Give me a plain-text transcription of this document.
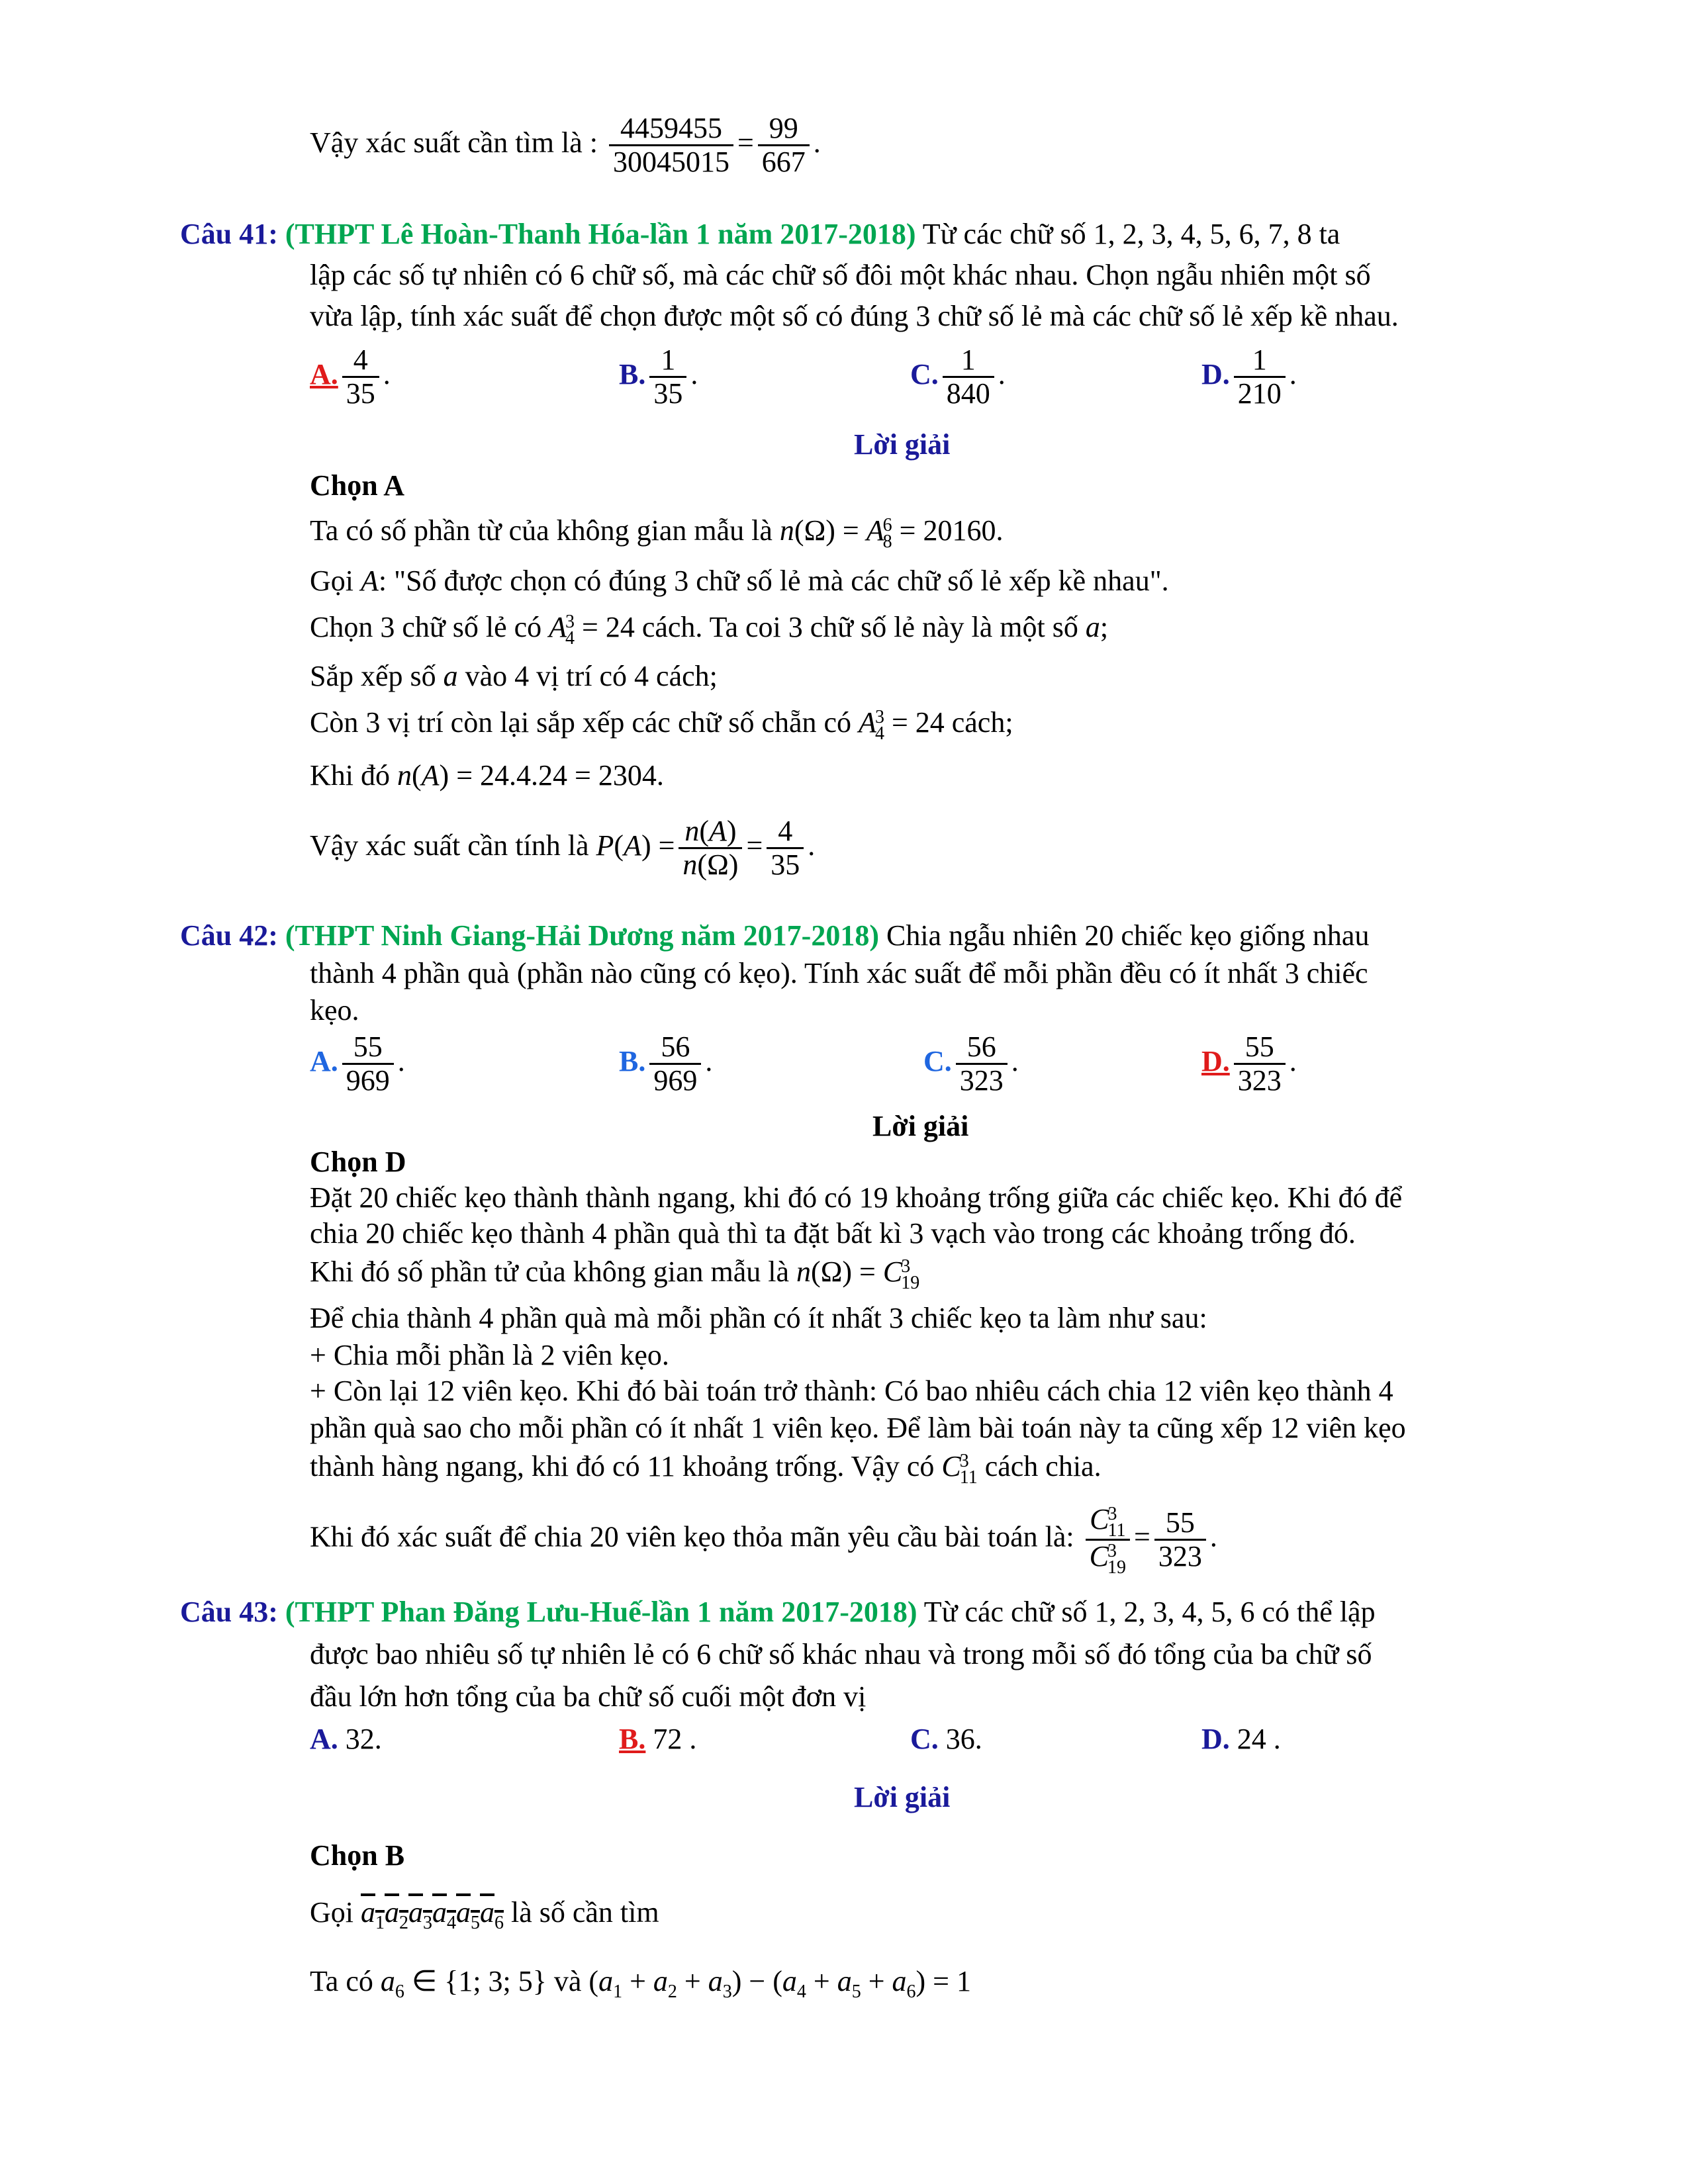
Vậy xác suất cần tìm là : $\frac{4459455}{30045015} = \frac{99}{667}$ .
Câu 41: (THPT Lê Hoàn-Thanh Hóa-lần 1 năm 2017-2018) Từ các chữ số 1, 2, 3, 4, 5, 6, 7, 8 ta
lập các số tự nhiên có 6 chữ số, mà các chữ số đôi một khác nhau. Chọn ngẫu nhiên một số
vừa lập, tính xác suất để chọn được một số có đúng 3 chữ số lẻ mà các chữ số lẻ xếp kề nhau.
A. $\frac{4}{35}$ .	B. $\frac{1}{35}$ .	C. $\frac{1}{840}$ .	D. $\frac{1}{210}$ .
Lời giải
Chọn A
Ta có số phần từ của không gian mẫu là n(Ω) = A
6
8 = 20160.
Gọi A: "Số được chọn có đúng 3 chữ số lẻ mà các chữ số lẻ xếp kề nhau".
Chọn 3 chữ số lẻ có A
3
4 = 24 cách. Ta coi 3 chữ số lẻ này là một số a;
Sắp xếp số a vào 4 vị trí có 4 cách;
Còn 3 vị trí còn lại sắp xếp các chữ số chẵn có A
3
4 = 24 cách;
Khi đó n(A) = 24.4.24 = 2304.
Vậy xác suất cần tính là $P(A) = \frac{n(A)}{n(\Omega)} = \frac{4}{35}$ .
Câu 42: (THPT Ninh Giang-Hải Dương năm 2017-2018) Chia ngẫu nhiên 20 chiếc kẹo giống nhau
thành 4 phần quà (phần nào cũng có kẹo). Tính xác suất để mỗi phần đều có ít nhất 3 chiếc
kẹo.
A. $\frac{55}{969}$ .	B. $\frac{56}{969}$ .	C. $\frac{56}{323}$ .	D. $\frac{55}{323}$ .
Lời giải
Chọn D
Đặt 20 chiếc kẹo thành thành ngang, khi đó có 19 khoảng trống giữa các chiếc kẹo. Khi đó để
chia 20 chiếc kẹo thành 4 phần quà thì ta đặt bất kì 3 vạch vào trong các khoảng trống đó.
Khi đó số phần tử của không gian mẫu là n(Ω) = C
3
19
Để chia thành 4 phần quà mà mỗi phần có ít nhất 3 chiếc kẹo ta làm như sau:
+ Chia mỗi phần là 2 viên kẹo.
+ Còn lại 12 viên kẹo. Khi đó bài toán trở thành: Có bao nhiêu cách chia 12 viên kẹo thành 4
phần quà sao cho mỗi phần có ít nhất 1 viên kẹo. Để làm bài toán này ta cũng xếp 12 viên kẹo
thành hàng ngang, khi đó có 11 khoảng trống. Vậy có C
3
11 cách chia.
Khi đó xác suất để chia 20 viên kẹo thỏa mãn yêu cầu bài toán là: C
3
11
C
3
$19 = \frac{55}{323}$ .
Câu 43: (THPT Phan Đăng Lưu-Huế-lần 1 năm 2017-2018) Từ các chữ số 1, 2, 3, 4, 5, 6 có thể lập
được bao nhiêu số tự nhiên lẻ có 6 chữ số khác nhau và trong mỗi số đó tổng của ba chữ số
đầu lớn hơn tổng của ba chữ số cuối một đơn vị
A. 32.	B. 72 .	C. 36.	D. 24 .
Lời giải
Chọn B
Gọi $a_1a_2a_3a_4a_5a_6$ là số cần tìm
Ta có $a_6$ ∈ {1; 3; 5} và $(a_1 + a_2 + a_3) - (a_4 + a_5 + a_6) = 1$
